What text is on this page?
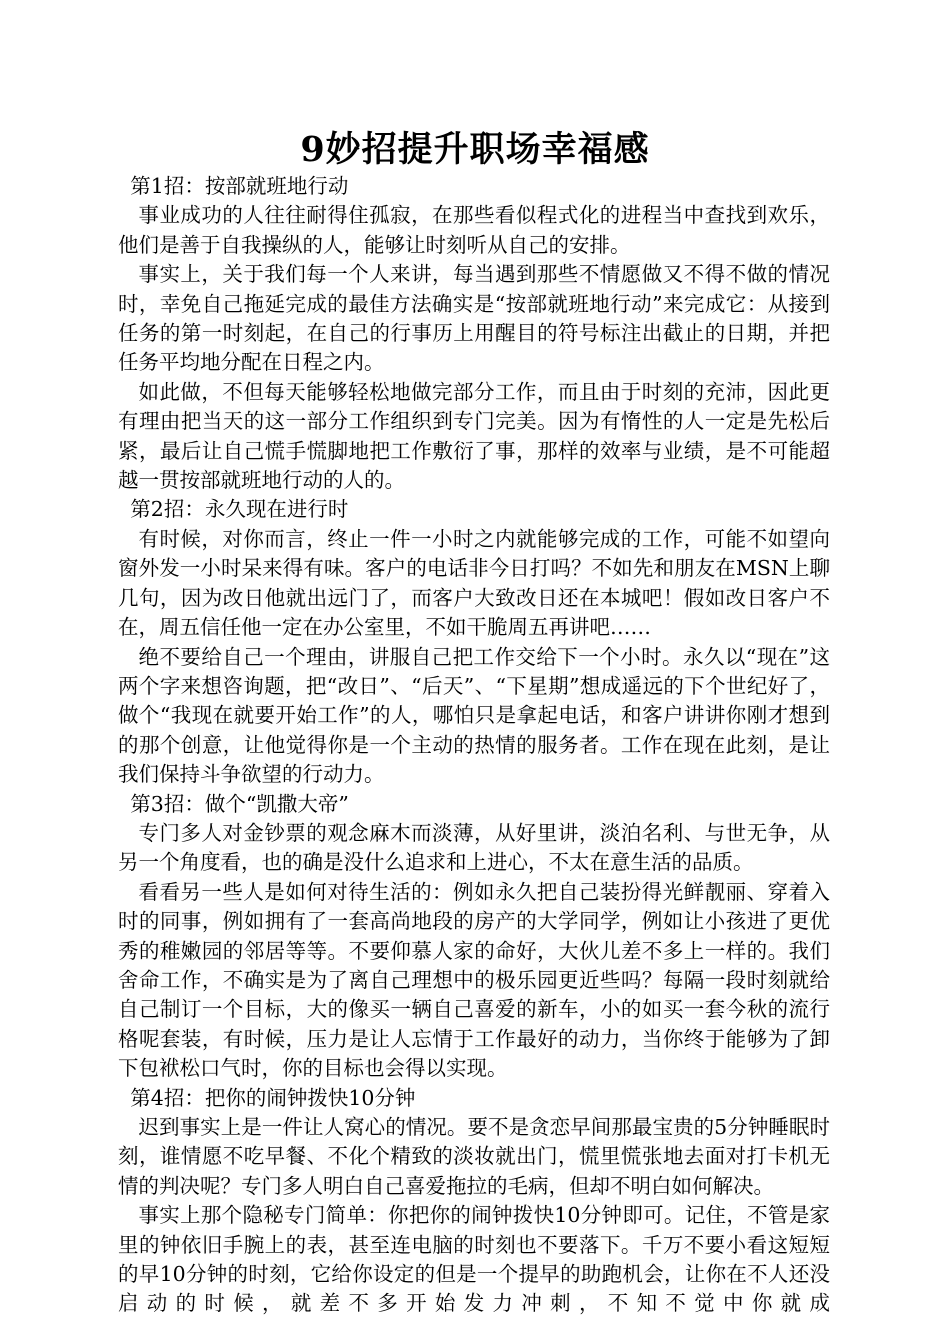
9妙招提升职场幸福感

第1招：按部就班地行动

事业成功的人往往耐得住孤寂，在那些看似程式化的进程当中查找到欢乐，他们是善于自我操纵的人，能够让时刻听从自己的安排。

事实上，关于我们每一个人来讲，每当遇到那些不情愿做又不得不做的情况时，幸免自己拖延完成的最佳方法确实是“按部就班地行动”来完成它：从接到任务的第一时刻起，在自己的行事历上用醒目的符号标注出截止的日期，并把任务平均地分配在日程之内。

如此做，不但每天能够轻松地做完部分工作，而且由于时刻的充沛，因此更有理由把当天的这一部分工作组织到专门完美。因为有惰性的人一定是先松后紧，最后让自己慌手慌脚地把工作敷衍了事，那样的效率与业绩，是不可能超越一贯按部就班地行动的人的。

第2招：永久现在进行时

有时候，对你而言，终止一件一小时之内就能够完成的工作，可能不如望向窗外发一小时呆来得有味。客户的电话非今日打吗？不如先和朋友在MSN上聊几句，因为改日他就出远门了，而客户大致改日还在本城吧！假如改日客户不在，周五信任他一定在办公室里，不如干脆周五再讲吧……

绝不要给自己一个理由，讲服自己把工作交给下一个小时。永久以“现在”这两个字来想咨询题，把“改日”、“后天”、“下星期”想成遥远的下个世纪好了，做个“我现在就要开始工作”的人，哪怕只是拿起电话，和客户讲讲你刚才想到的那个创意，让他觉得你是一个主动的热情的服务者。工作在现在此刻，是让我们保持斗争欲望的行动力。

第3招：做个“凯撒大帝”

专门多人对金钞票的观念麻木而淡薄，从好里讲，淡泊名利、与世无争，从另一个角度看，也的确是没什么追求和上进心，不太在意生活的品质。

看看另一些人是如何对待生活的：例如永久把自己装扮得光鲜靓丽、穿着入时的同事，例如拥有了一套高尚地段的房产的大学同学，例如让小孩进了更优秀的稚嫩园的邻居等等。不要仰慕人家的命好，大伙儿差不多上一样的。我们舍命工作，不确实是为了离自己理想中的极乐园更近些吗？每隔一段时刻就给自己制订一个目标，大的像买一辆自己喜爱的新车，小的如买一套今秋的流行格呢套装，有时候，压力是让人忘情于工作最好的动力，当你终于能够为了卸下包袱松口气时，你的目标也会得以实现。

第4招：把你的闹钟拨快10分钟

迟到事实上是一件让人窝心的情况。要不是贪恋早间那最宝贵的5分钟睡眠时刻，谁情愿不吃早餐、不化个精致的淡妆就出门，慌里慌张地去面对打卡机无情的判决呢？专门多人明白自己喜爱拖拉的毛病，但却不明白如何解决。

事实上那个隐秘专门简单：你把你的闹钟拨快10分钟即可。记住，不管是家里的钟依旧手腕上的表，甚至连电脑的时刻也不要落下。千万不要小看这短短的早10分钟的时刻，它给你设定的但是一个提早的助跑机会，让你在不人还没启动的时候，就差不多开始发力冲刺，不知不觉中你就成
